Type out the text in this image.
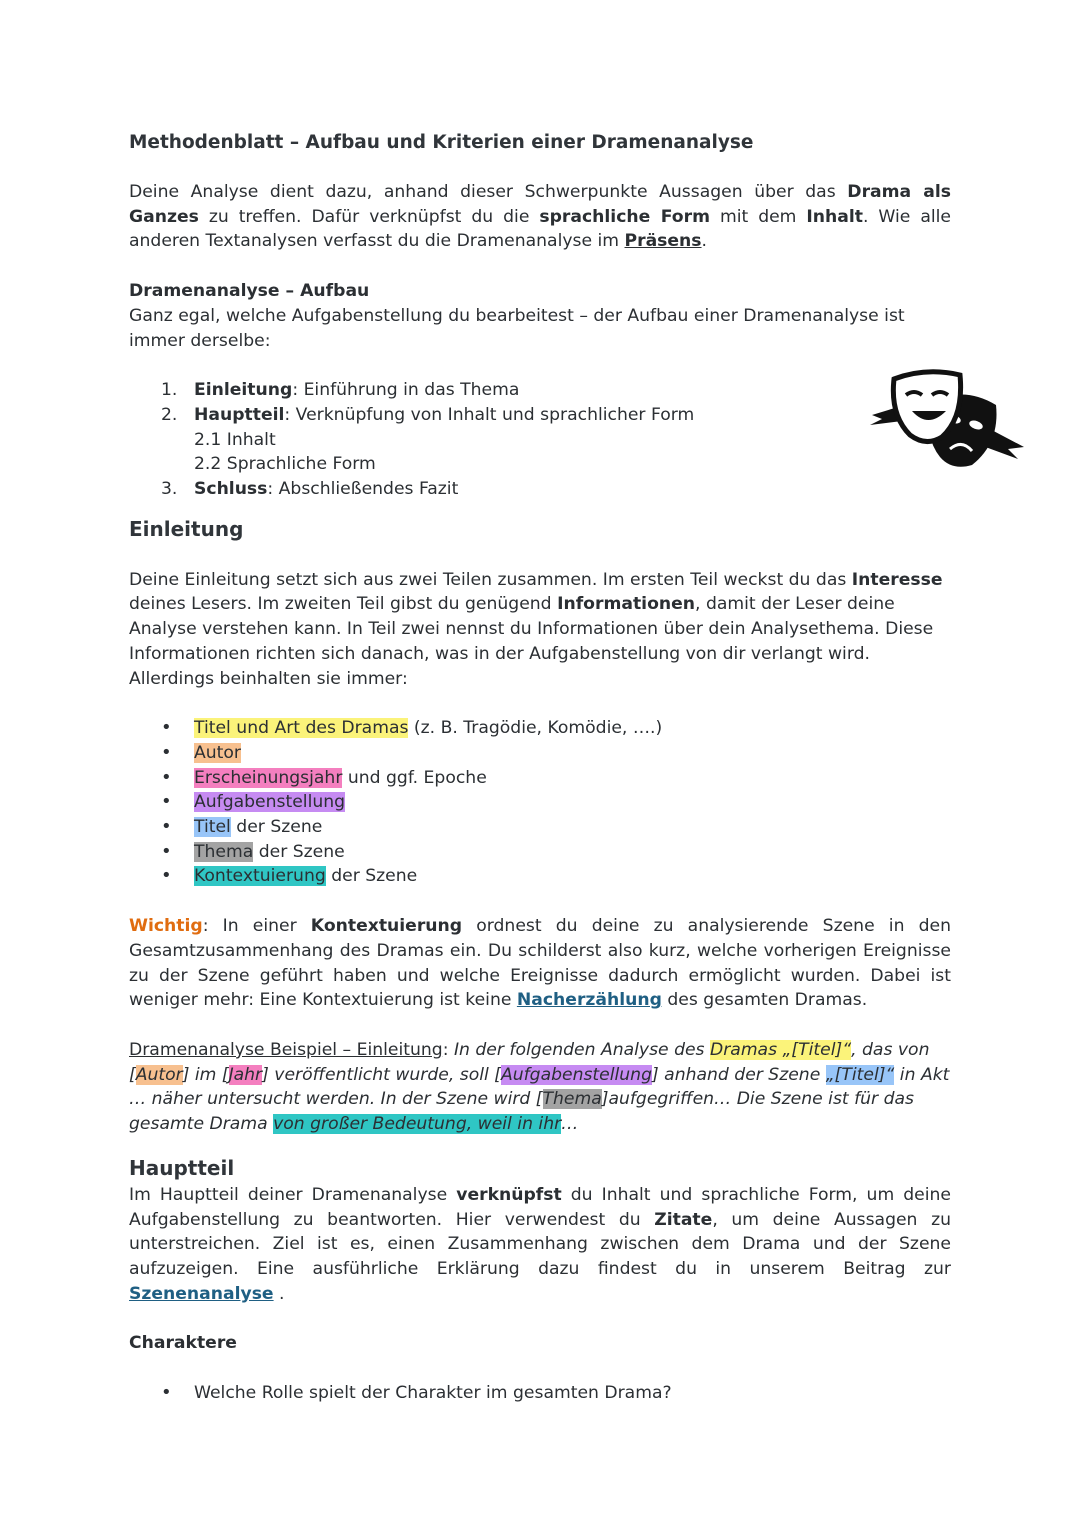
Methodenblatt – Aufbau und Kriterien einer Dramenanalyse

Deine Analyse dient dazu, anhand dieser Schwerpunkte Aussagen über das Drama als Ganzes zu treffen. Dafür verknüpfst du die sprachliche Form mit dem Inhalt. Wie alle anderen Textanalysen verfasst du die Dramenanalyse im Präsens.

Dramenanalyse – Aufbau

Ganz egal, welche Aufgabenstellung du bearbeitest – der Aufbau einer Dramenanalyse ist immer derselbe:

1. Einleitung: Einführung in das Thema
2. Hauptteil: Verknüpfung von Inhalt und sprachlicher Form
2.1 Inhalt
2.2 Sprachliche Form
3. Schluss: Abschließendes Fazit

Einleitung

Deine Einleitung setzt sich aus zwei Teilen zusammen. Im ersten Teil weckst du das Interesse deines Lesers. Im zweiten Teil gibst du genügend Informationen, damit der Leser deine Analyse verstehen kann. In Teil zwei nennst du Informationen über dein Analysethema. Diese Informationen richten sich danach, was in der Aufgabenstellung von dir verlangt wird. Allerdings beinhalten sie immer:

• Titel und Art des Dramas (z. B. Tragödie, Komödie, ….)
• Autor
• Erscheinungsjahr und ggf. Epoche
• Aufgabenstellung
• Titel der Szene
• Thema der Szene
• Kontextuierung der Szene

Wichtig: In einer Kontextuierung ordnest du deine zu analysierende Szene in den Gesamtzusammenhang des Dramas ein. Du schilderst also kurz, welche vorherigen Ereignisse zu der Szene geführt haben und welche Ereignisse dadurch ermöglicht wurden. Dabei ist weniger mehr: Eine Kontextuierung ist keine Nacherzählung des gesamten Dramas.

Dramenanalyse Beispiel – Einleitung: In der folgenden Analyse des Dramas „[Titel]“, das von [Autor] im [Jahr] veröffentlicht wurde, soll [Aufgabenstellung] anhand der Szene „[Titel]“ in Akt … näher untersucht werden. In der Szene wird [Thema]aufgegriffen… Die Szene ist für das gesamte Drama von großer Bedeutung, weil in ihr…

Hauptteil

Im Hauptteil deiner Dramenanalyse verknüpfst du Inhalt und sprachliche Form, um deine Aufgabenstellung zu beantworten. Hier verwendest du Zitate, um deine Aussagen zu unterstreichen. Ziel ist es, einen Zusammenhang zwischen dem Drama und der Szene aufzuzeigen. Eine ausführliche Erklärung dazu findest du in unserem Beitrag zur Szenenanalyse .

Charaktere

• Welche Rolle spielt der Charakter im gesamten Drama?
